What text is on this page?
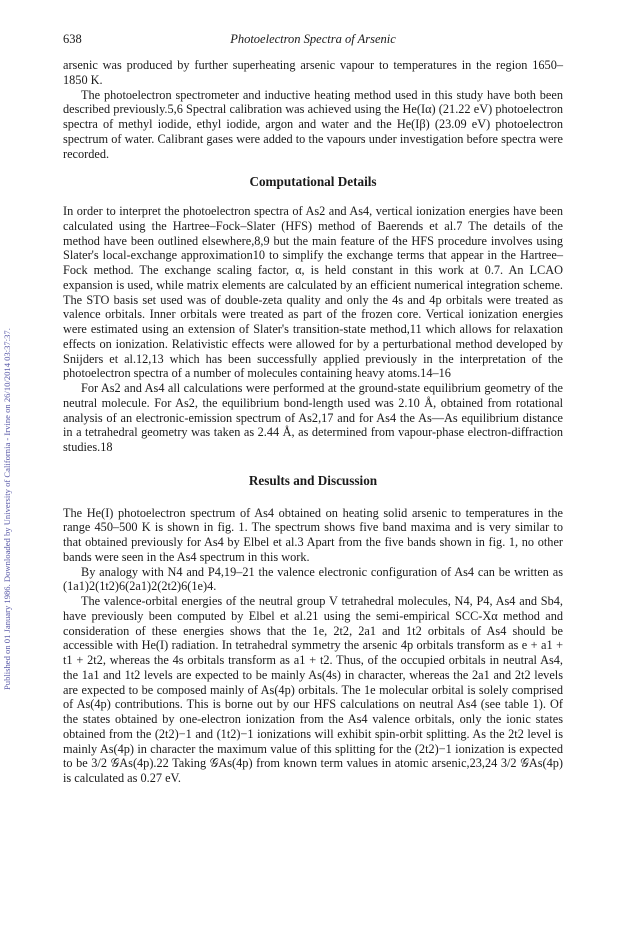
Published on 01 January 1986. Downloaded by University of California - Irvine on 26/10/2014 03:37:37.
638	Photoelectron Spectra of Arsenic

arsenic was produced by further superheating arsenic vapour to temperatures in the region 1650–1850 K.

The photoelectron spectrometer and inductive heating method used in this study have both been described previously.5,6 Spectral calibration was achieved using the He(Iα) (21.22 eV) photoelectron spectra of methyl iodide, ethyl iodide, argon and water and the He(Iβ) (23.09 eV) photoelectron spectrum of water. Calibrant gases were added to the vapours under investigation before spectra were recorded.

Computational Details

In order to interpret the photoelectron spectra of As2 and As4, vertical ionization energies have been calculated using the Hartree–Fock–Slater (HFS) method of Baerends et al.7 The details of the method have been outlined elsewhere,8,9 but the main feature of the HFS procedure involves using Slater's local-exchange approximation10 to simplify the exchange terms that appear in the Hartree–Fock method. The exchange scaling factor, α, is held constant in this work at 0.7. An LCAO expansion is used, while matrix elements are calculated by an efficient numerical integration scheme. The STO basis set used was of double-zeta quality and only the 4s and 4p orbitals were treated as valence orbitals. Inner orbitals were treated as part of the frozen core. Vertical ionization energies were estimated using an extension of Slater's transition-state method,11 which allows for relaxation effects on ionization. Relativistic effects were allowed for by a perturbational method developed by Snijders et al.12,13 which has been successfully applied previously in the interpretation of the photoelectron spectra of a number of molecules containing heavy atoms.14–16

For As2 and As4 all calculations were performed at the ground-state equilibrium geometry of the neutral molecule. For As2, the equilibrium bond-length used was 2.10 Å, obtained from rotational analysis of an electronic-emission spectrum of As2,17 and for As4 the As—As equilibrium distance in a tetrahedral geometry was taken as 2.44 Å, as determined from vapour-phase electron-diffraction studies.18

Results and Discussion

The He(I) photoelectron spectrum of As4 obtained on heating solid arsenic to temperatures in the range 450–500 K is shown in fig. 1. The spectrum shows five band maxima and is very similar to that obtained previously for As4 by Elbel et al.3 Apart from the five bands shown in fig. 1, no other bands were seen in the As4 spectrum in this work.

By analogy with N4 and P4,19–21 the valence electronic configuration of As4 can be written as (1a1)2(1t2)6(2a1)2(2t2)6(1e)4.

The valence-orbital energies of the neutral group V tetrahedral molecules, N4, P4, As4 and Sb4, have previously been computed by Elbel et al.21 using the semi-empirical SCC-Xα method and consideration of these energies shows that the 1e, 2t2, 2a1 and 1t2 orbitals of As4 should be accessible with He(I) radiation. In tetrahedral symmetry the arsenic 4p orbitals transform as e + a1 + t1 + 2t2, whereas the 4s orbitals transform as a1 + t2. Thus, of the occupied orbitals in neutral As4, the 1a1 and 1t2 levels are expected to be mainly As(4s) in character, whereas the 2a1 and 2t2 levels are expected to be composed mainly of As(4p) orbitals. The 1e molecular orbital is solely comprised of As(4p) contributions. This is borne out by our HFS calculations on neutral As4 (see table 1). Of the states obtained by one-electron ionization from the As4 valence orbitals, only the ionic states obtained from the (2t2)−1 and (1t2)−1 ionizations will exhibit spin-orbit splitting. As the 2t2 level is mainly As(4p) in character the maximum value of this splitting for the (2t2)−1 ionization is expected to be 3/2 𝒢As(4p).22 Taking 𝒢As(4p) from known term values in atomic arsenic,23,24 3/2 𝒢As(4p) is calculated as 0.27 eV.
